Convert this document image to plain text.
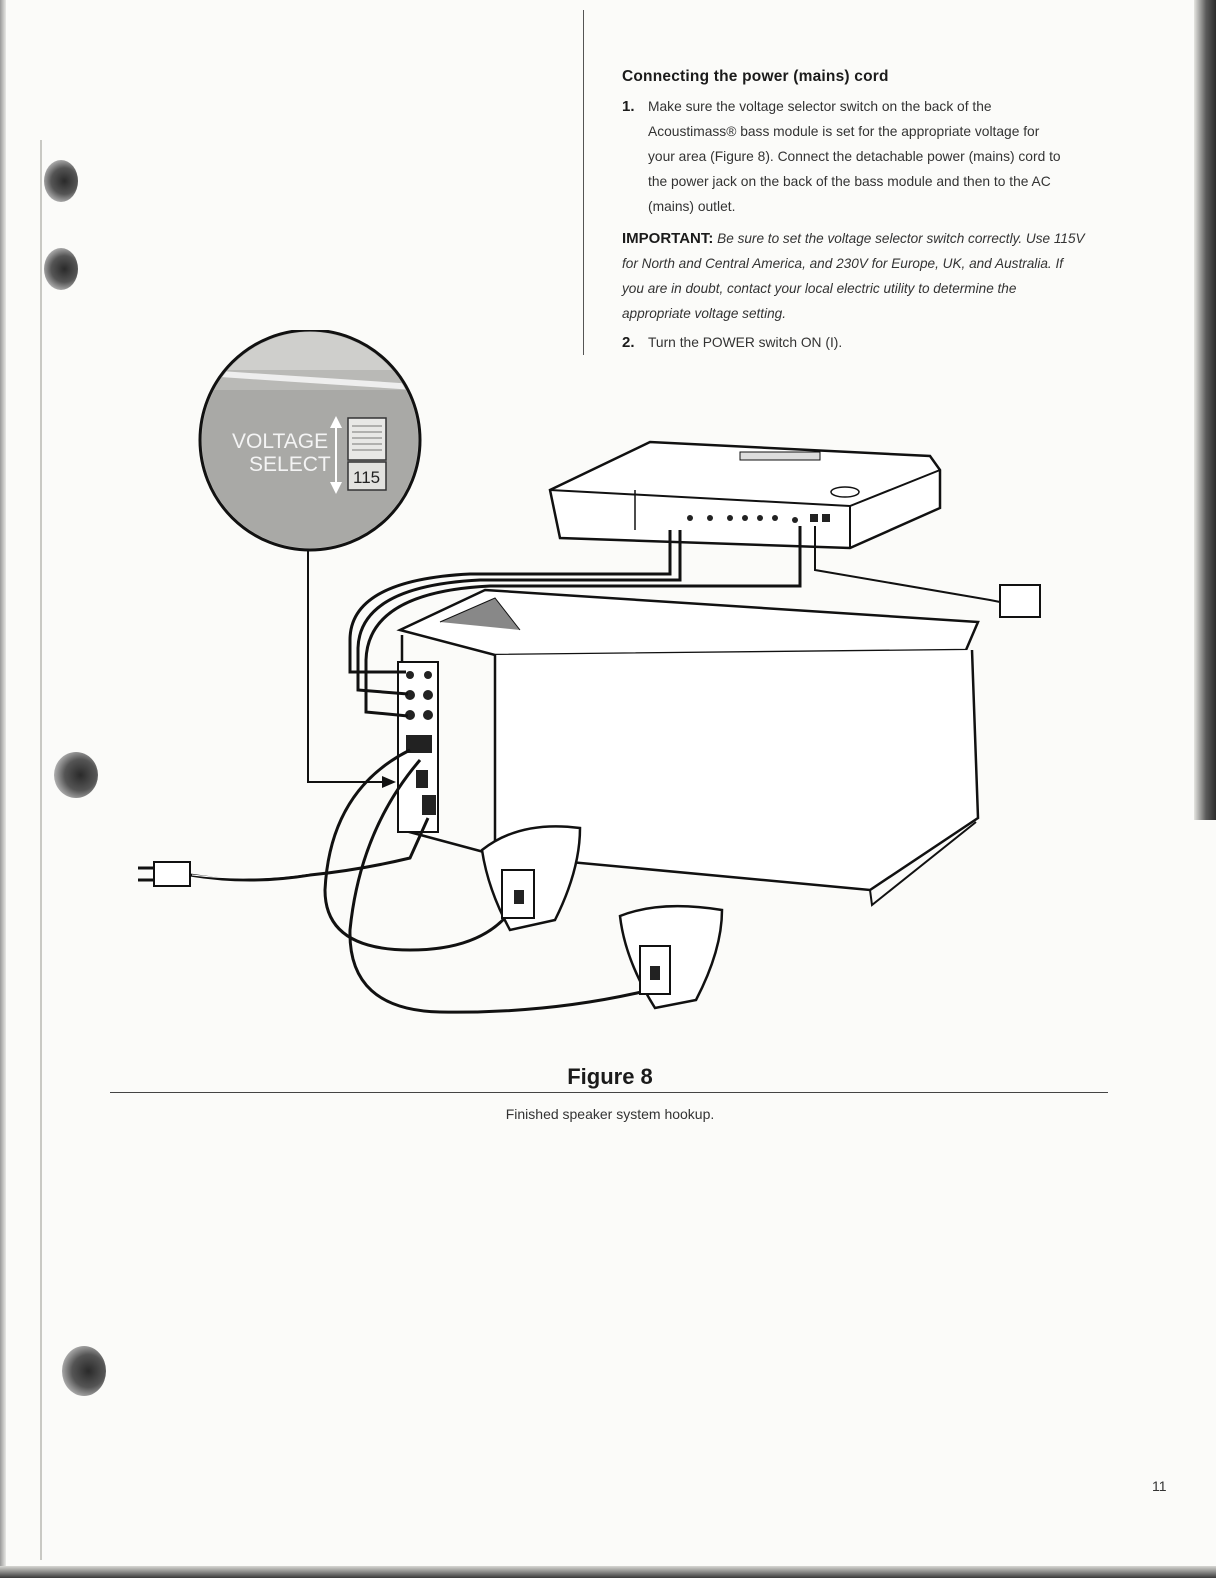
Connecting the power (mains) cord
1. Make sure the voltage selector switch on the back of the Acoustimass® bass module is set for the appropriate voltage for your area (Figure 8). Connect the detachable power (mains) cord to the power jack on the back of the bass module and then to the AC (mains) outlet.

IMPORTANT: Be sure to set the voltage selector switch correctly. Use 115V for North and Central America, and 230V for Europe, UK, and Australia. If you are in doubt, contact your local electric utility to determine the appropriate voltage setting.

2. Turn the POWER switch ON (I).
VOLTAGE
SELECT
115

Figure 8

Finished speaker system hookup.

11
